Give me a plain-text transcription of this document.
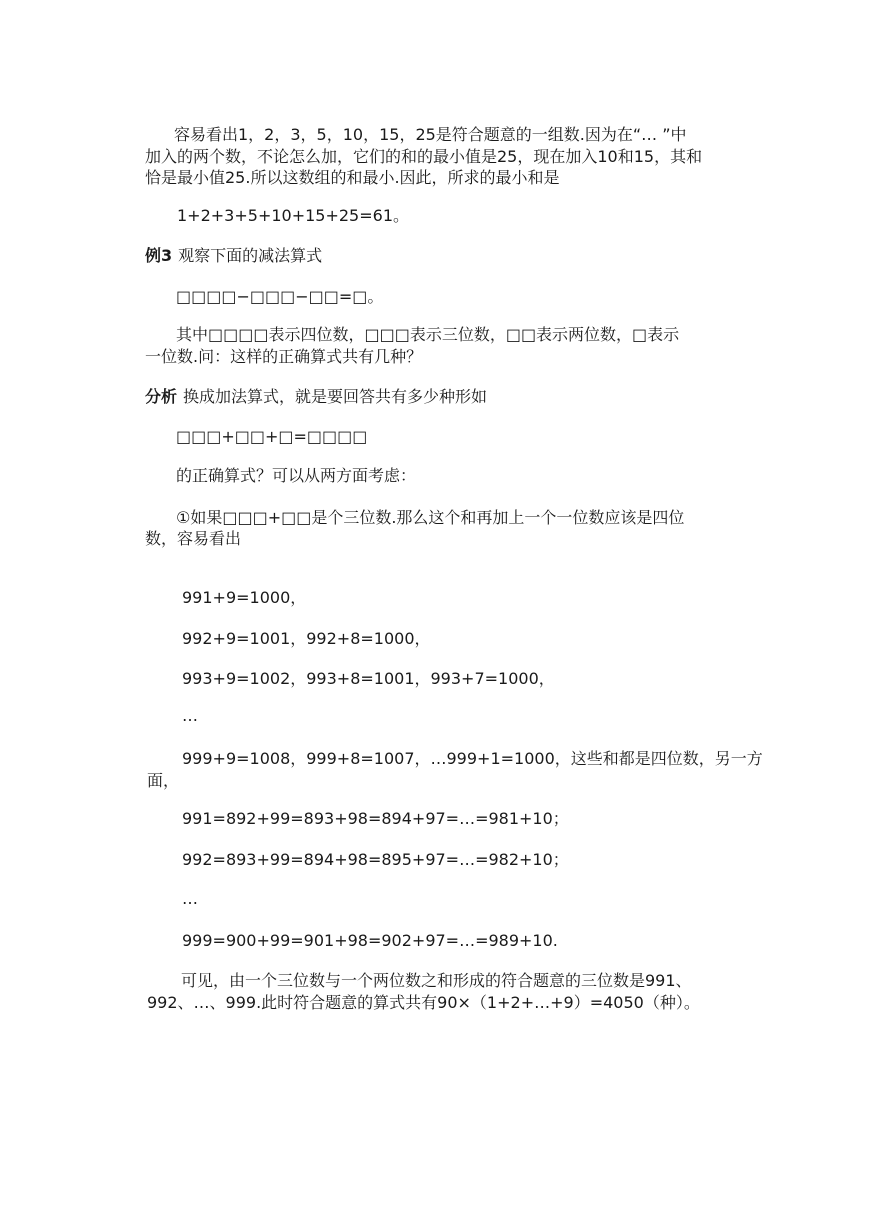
容易看出1，2，3，5，10，15，25是符合题意的一组数.因为在“… ”中
加入的两个数，不论怎么加，它们的和的最小值是25，现在加入10和15，其和
恰是最小值25.所以这数组的和最小.因此，所求的最小和是
1+2+3+5+10+15+25=61。
例3 观察下面的减法算式
□□□□−□□□−□□=□。
其中□□□□表示四位数，□□□表示三位数，□□表示两位数，□表示
一位数.问：这样的正确算式共有几种？
分析 换成加法算式，就是要回答共有多少种形如
□□□+□□+□=□□□□
的正确算式？可以从两方面考虑：
①如果□□□+□□是个三位数.那么这个和再加上一个一位数应该是四位
数，容易看出
991+9=1000，
992+9=1001，992+8=1000，
993+9=1002，993+8=1001，993+7=1000，
…
999+9=1008，999+8=1007，…999+1=1000，这些和都是四位数，另一方
面，
991=892+99=893+98=894+97=…=981+10；
992=893+99=894+98=895+97=…=982+10；
…
999=900+99=901+98=902+97=…=989+10.
可见，由一个三位数与一个两位数之和形成的符合题意的三位数是991、
992、…、999.此时符合题意的算式共有90×（1+2+…+9）=4050（种）。
